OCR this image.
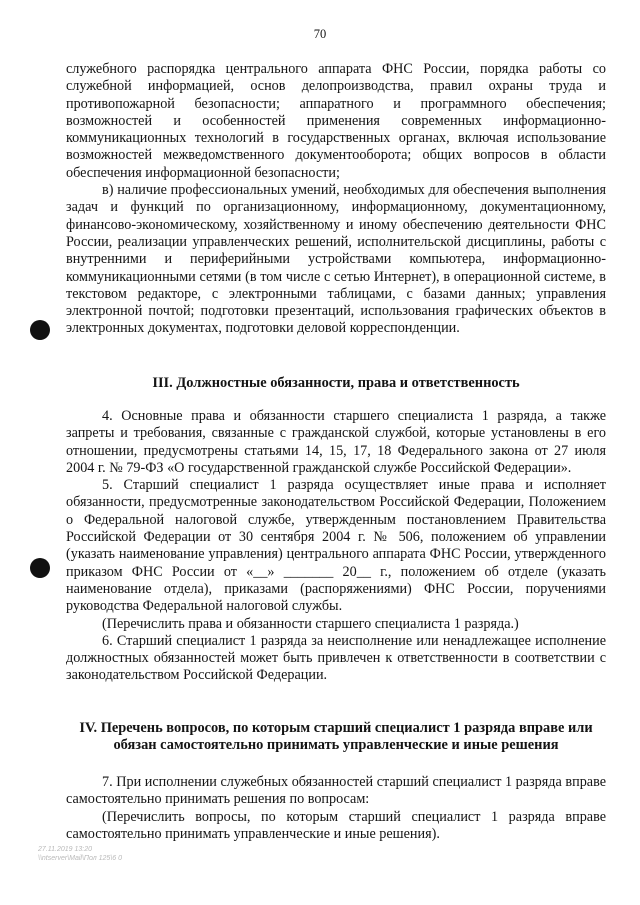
70

служебного распорядка центрального аппарата ФНС России, порядка работы со служебной информацией, основ делопроизводства, правил охраны труда и противопожарной безопасности; аппаратного и программного обеспечения; возможностей и особенностей применения современных информационно-коммуникационных технологий в государственных органах, включая использование возможностей межведомственного документооборота; общих вопросов в области обеспечения информационной безопасности;

в) наличие профессиональных умений, необходимых для обеспечения выполнения задач и функций по организационному, информационному, документационному, финансово-экономическому, хозяйственному и иному обеспечению деятельности ФНС России, реализации управленческих решений, исполнительской дисциплины, работы с внутренними и периферийными устройствами компьютера, информационно-коммуникационными сетями (в том числе с сетью Интернет), в операционной системе, в текстовом редакторе, с электронными таблицами, с базами данных; управления электронной почтой; подготовки презентаций, использования графических объектов в электронных документах, подготовки деловой корреспонденции.

III. Должностные обязанности, права и ответственность

4. Основные права и обязанности старшего специалиста 1 разряда, а также запреты и требования, связанные с гражданской службой, которые установлены в его отношении, предусмотрены статьями 14, 15, 17, 18 Федерального закона от 27 июля 2004 г. № 79-ФЗ «О государственной гражданской службе Российской Федерации».

5. Старший специалист 1 разряда осуществляет иные права и исполняет обязанности, предусмотренные законодательством Российской Федерации, Положением о Федеральной налоговой службе, утвержденным постановлением Правительства Российской Федерации от 30 сентября 2004 г. № 506, положением об управлении (указать наименование управления) центрального аппарата ФНС России, утвержденного приказом ФНС России от «__» _______ 20__ г., положением об отделе (указать наименование отдела), приказами (распоряжениями) ФНС России, поручениями руководства Федеральной налоговой службы.

(Перечислить права и обязанности старшего специалиста 1 разряда.)

6. Старший специалист 1 разряда за неисполнение или ненадлежащее исполнение должностных обязанностей может быть привлечен к ответственности в соответствии с законодательством Российской Федерации.

IV. Перечень вопросов, по которым старший специалист 1 разряда вправе или
обязан самостоятельно принимать управленческие и иные решения

7. При исполнении служебных обязанностей старший специалист 1 разряда вправе самостоятельно принимать решения по вопросам:

(Перечислить вопросы, по которым старший специалист 1 разряда вправе самостоятельно принимать управленческие и иные решения).

27.11.2019 13:20
\\ntserver\Mail\Пол 125\6 0
